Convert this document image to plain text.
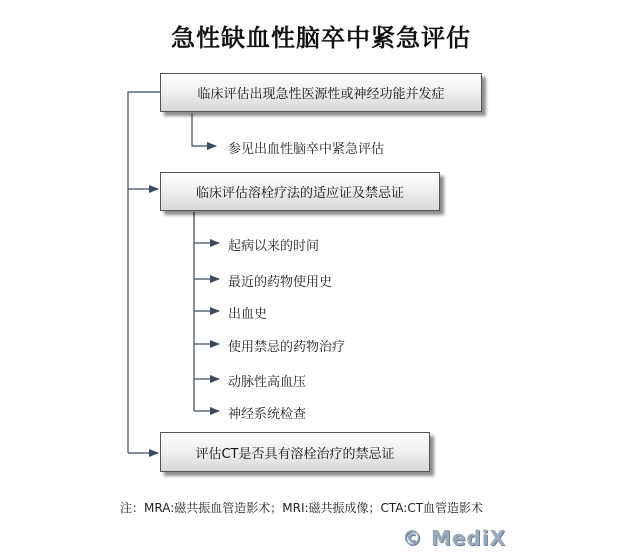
急性缺血性脑卒中紧急评估
临床评估出现急性医源性或神经功能并发症
临床评估溶栓疗法的适应证及禁忌证
评估CT是否具有溶栓治疗的禁忌证
参见出血性脑卒中紧急评估
起病以来的时间
最近的药物使用史
出血史
使用禁忌的药物治疗
动脉性高血压
神经系统检查
注：MRA:磁共振血管造影术；MRI:磁共振成像；CTA:CT血管造影术
© MediX
